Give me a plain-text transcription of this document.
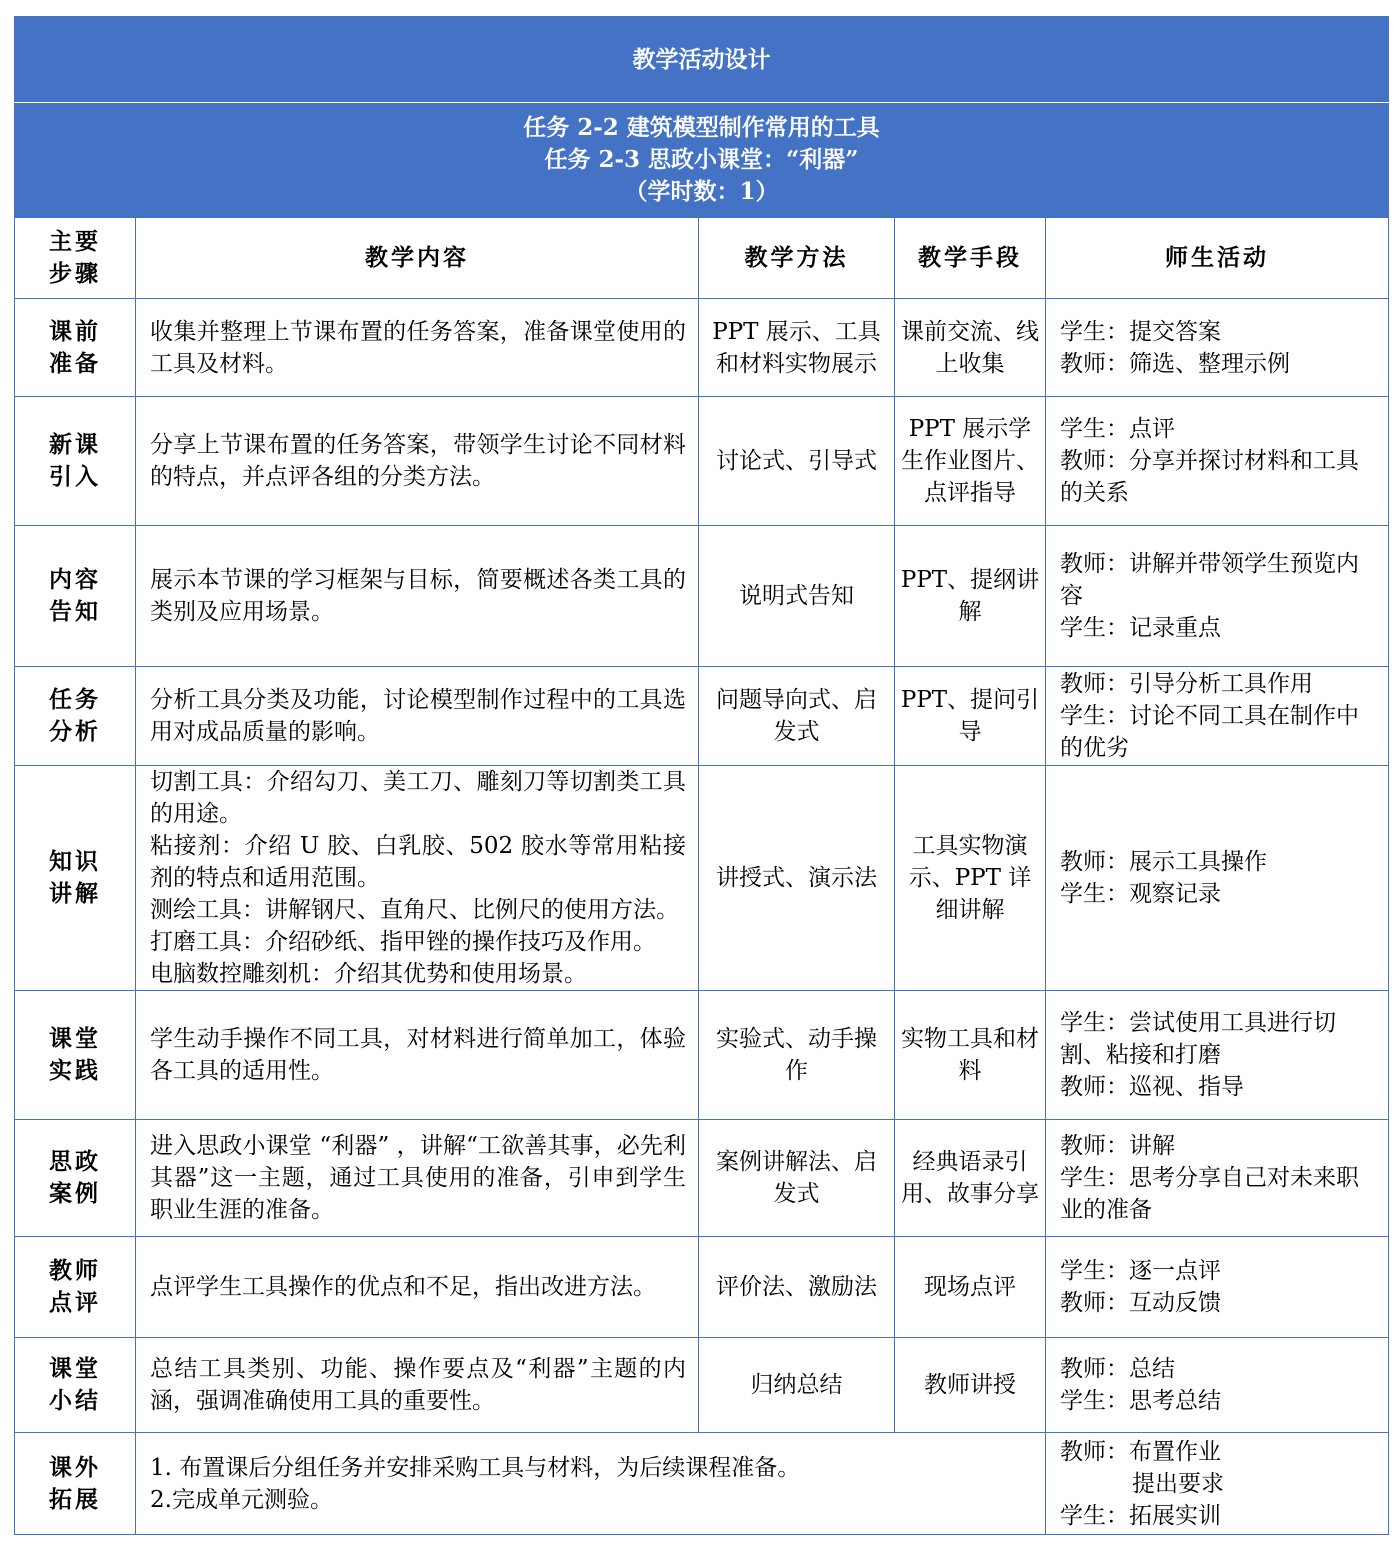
教学活动设计				

任务 2-2 建筑模型制作常用的工具
任务 2-3 思政小课堂：“利器”
（学时数：1）				

主要
步骤	教学内容	教学方法	教学手段	师生活动

课前
准备	收集并整理上节课布置的任务答案，准备课堂使用的工具及材料。	PPT 展示、工具和材料实物展示	课前交流、线上收集	学生：提交答案
教师：筛选、整理示例

新课
引入	分享上节课布置的任务答案，带领学生讨论不同材料的特点，并点评各组的分类方法。	讨论式、引导式	PPT 展示学生作业图片、点评指导	学生：点评
教师：分享并探讨材料和工具的关系

内容
告知	展示本节课的学习框架与目标，简要概述各类工具的类别及应用场景。	说明式告知	PPT、提纲讲解	教师：讲解并带领学生预览内容
学生：记录重点

任务
分析	分析工具分类及功能，讨论模型制作过程中的工具选用对成品质量的影响。	问题导向式、启发式	PPT、提问引导	教师：引导分析工具作用
学生：讨论不同工具在制作中的优劣

知识
讲解	切割工具：介绍勾刀、美工刀、雕刻刀等切割类工具的用途。
粘接剂：介绍 U 胶、白乳胶、502 胶水等常用粘接剂的特点和适用范围。
测绘工具：讲解钢尺、直角尺、比例尺的使用方法。
打磨工具：介绍砂纸、指甲锉的操作技巧及作用。
电脑数控雕刻机：介绍其优势和使用场景。	讲授式、演示法	工具实物演示、PPT 详细讲解	教师：展示工具操作
学生：观察记录

课堂
实践	学生动手操作不同工具，对材料进行简单加工，体验各工具的适用性。	实验式、动手操作	实物工具和材料	学生：尝试使用工具进行切割、粘接和打磨
教师：巡视、指导

思政
案例	进入思政小课堂 “利器” ，讲解“工欲善其事，必先利其器”这一主题，通过工具使用的准备，引申到学生职业生涯的准备。	案例讲解法、启发式	经典语录引用、故事分享	教师：讲解
学生：思考分享自己对未来职业的准备

教师
点评	点评学生工具操作的优点和不足，指出改进方法。	评价法、激励法	现场点评	学生：逐一点评
教师：互动反馈

课堂
小结	总结工具类别、功能、操作要点及“利器”主题的内涵，强调准确使用工具的重要性。	归纳总结	教师讲授	教师：总结
学生：思考总结

课外
拓展	1. 布置课后分组任务并安排采购工具与材料，为后续课程准备。
2.完成单元测验。			教师：布置作业
提出要求
学生：拓展实训
